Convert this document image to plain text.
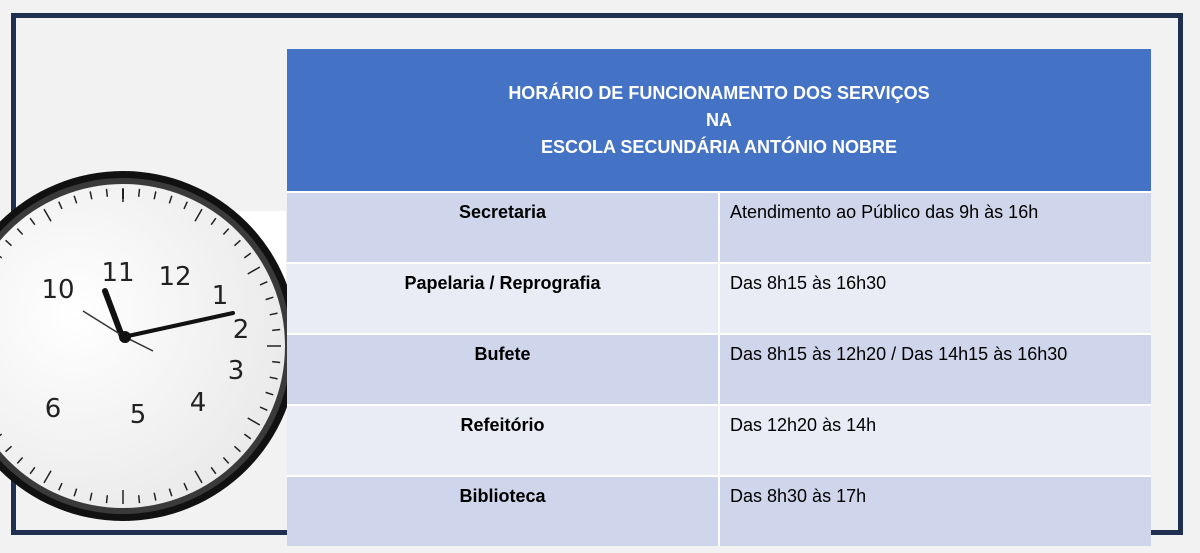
10
11 12
1
2
3
4
5
6
HORÁRIO DE FUNCIONAMENTO DOS SERVIÇOS
NA
ESCOLA SECUNDÁRIA ANTÓNIO NOBRE	

Secretaria	Atendimento ao Público das 9h às 16h
Papelaria / Reprografia	Das 8h15 às 16h30
Bufete	Das 8h15 às 12h20 / Das 14h15 às 16h30
Refeitório	Das 12h20 às 14h
Biblioteca	Das 8h30 às 17h
